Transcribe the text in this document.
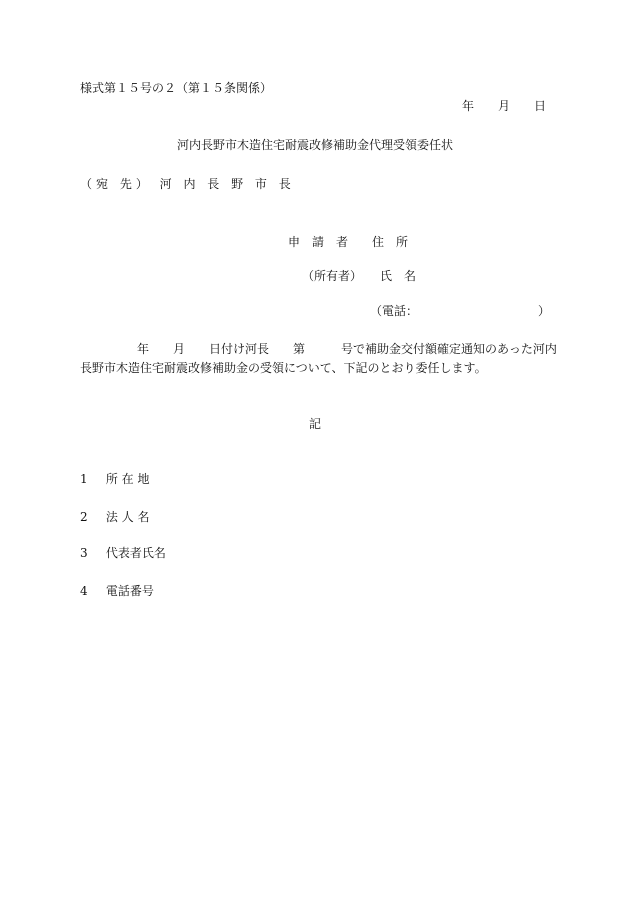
様式第１５号の２（第１５条関係）
年　　月　　日
河内長野市木造住宅耐震改修補助金代理受領委任状
（宛 先） 河 内 長 野 市 長
申　請　者　　住　所
（所有者）　　氏　名
（電話：	）
年　　月　　日付け河長　　第　　　号で補助金交付額確定通知のあった河内
長野市木造住宅耐震改修補助金の受領について、下記のとおり委任します。
記
1 所 在 地
2 法 人 名
3 代表者氏名
4 電話番号
